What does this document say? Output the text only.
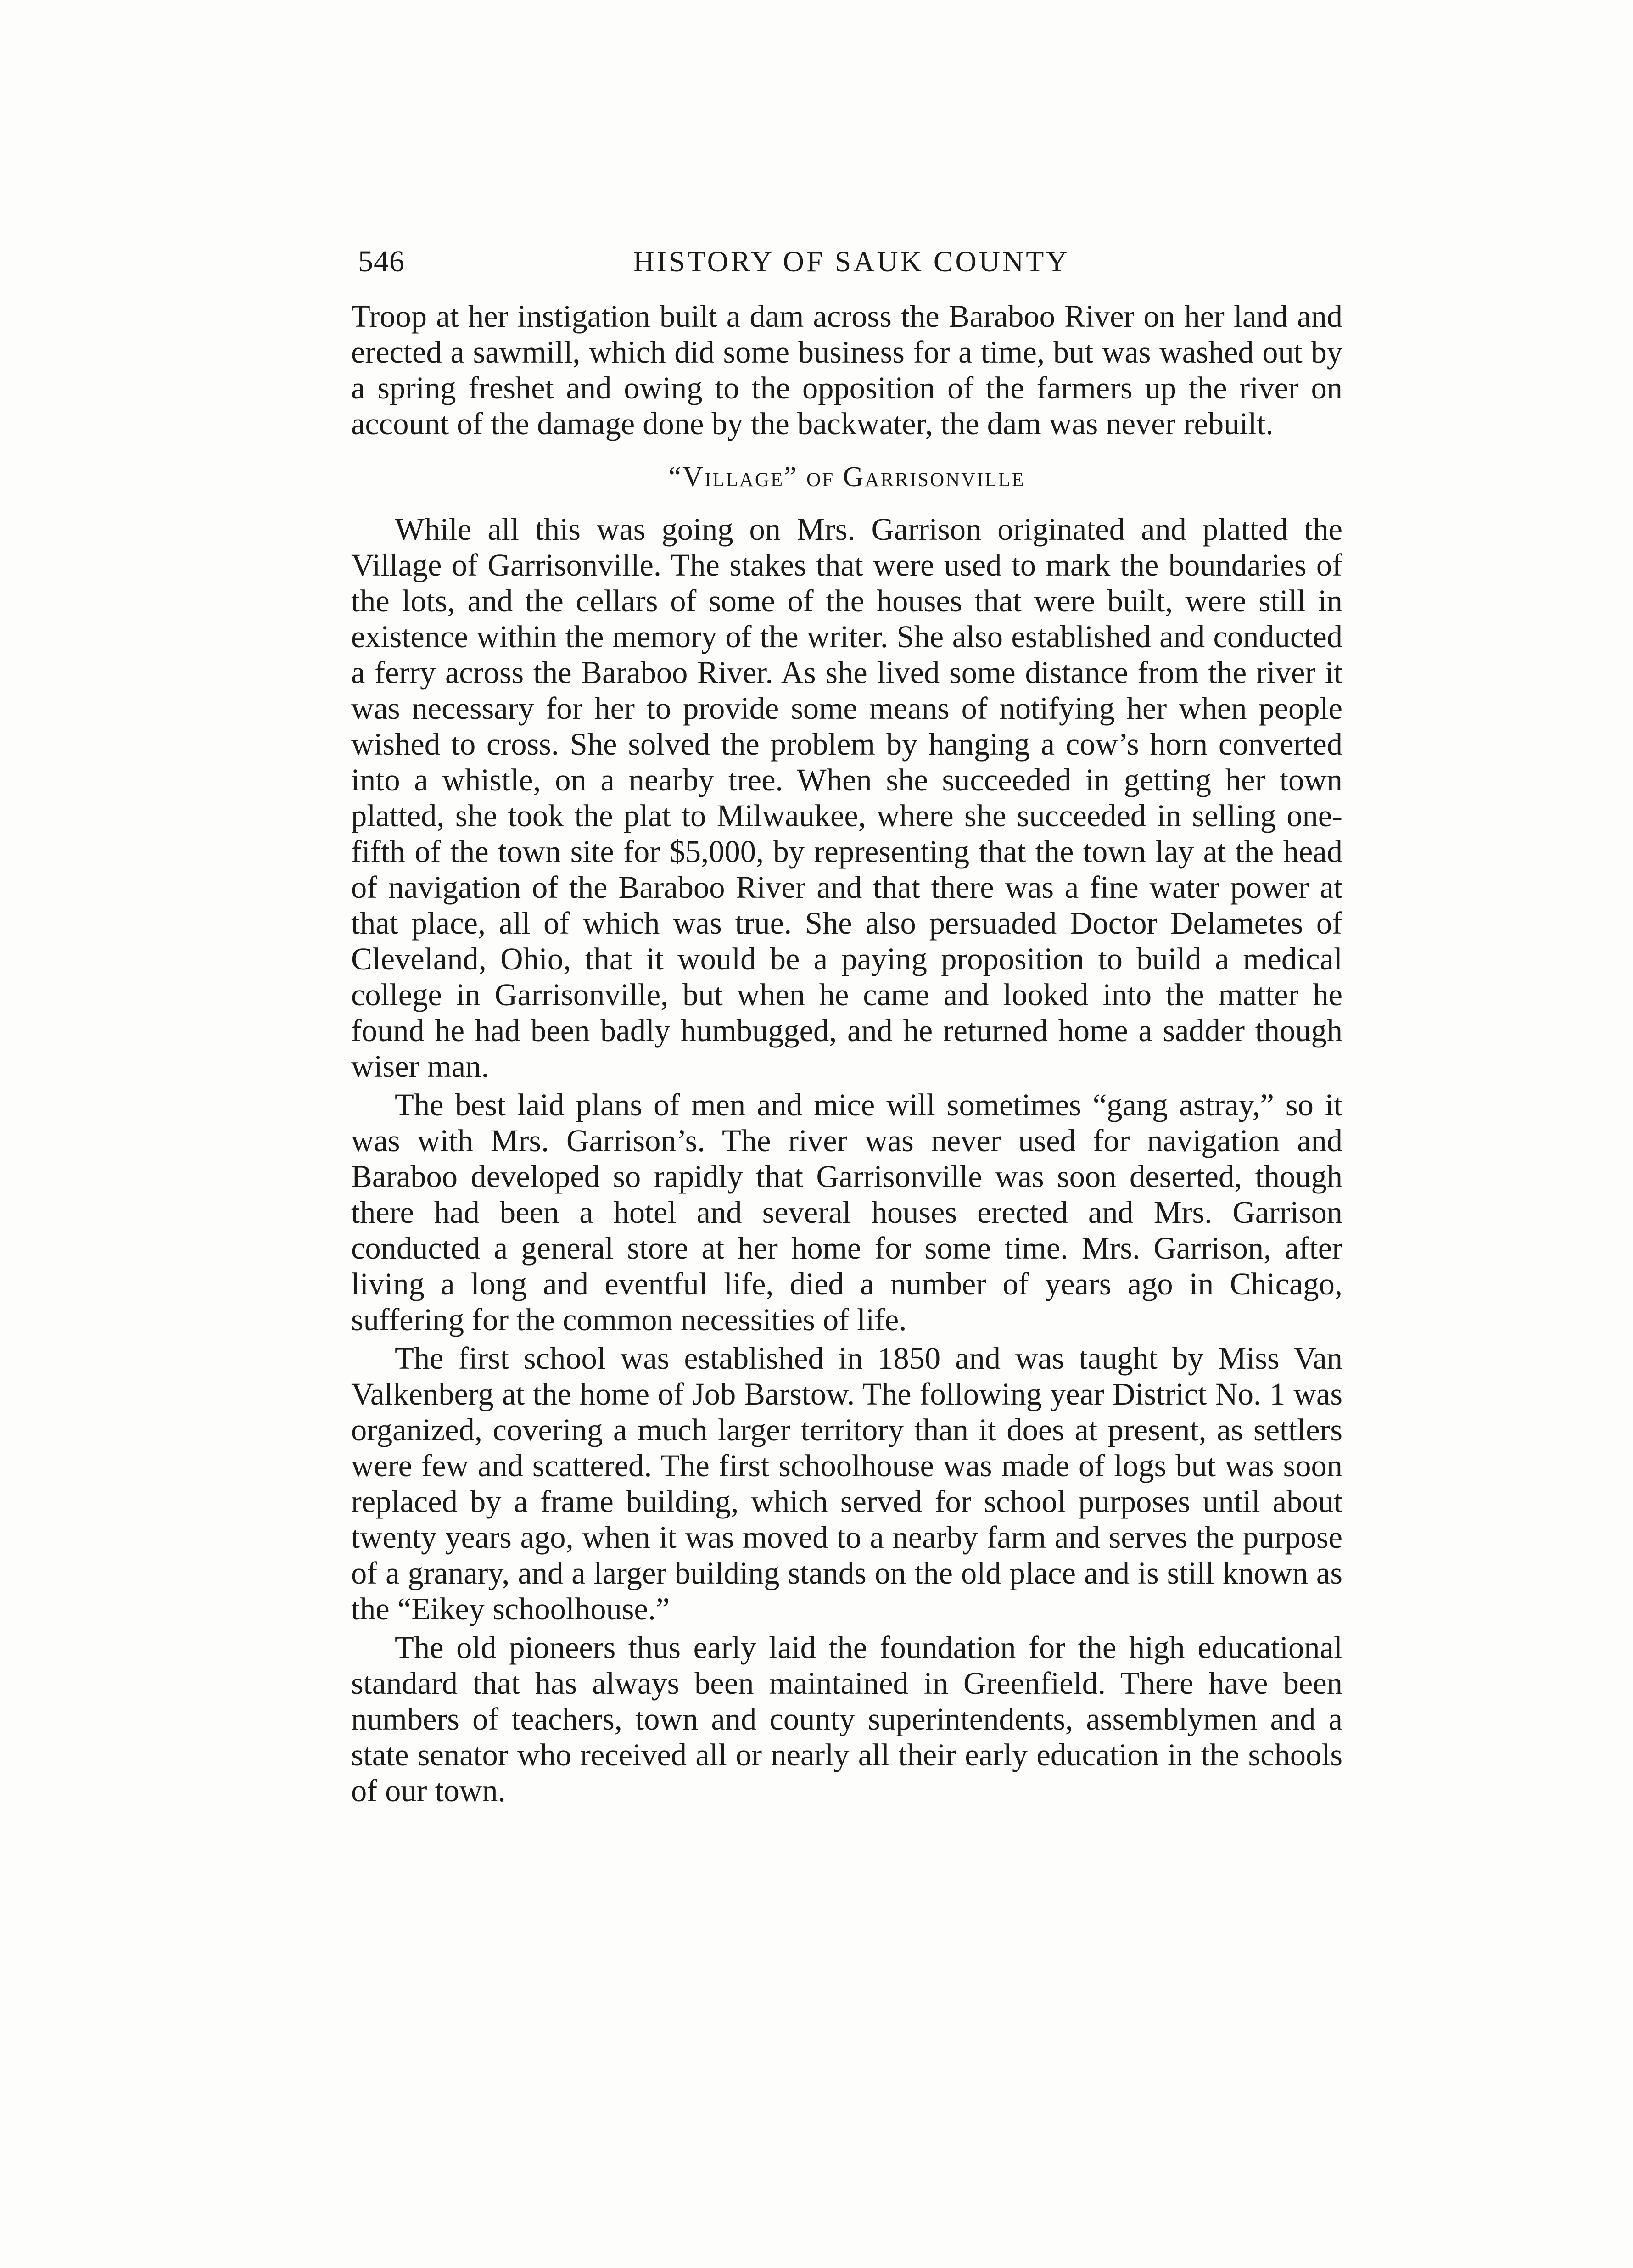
546	HISTORY OF SAUK COUNTY

Troop at her instigation built a dam across the Baraboo River on her land and erected a sawmill, which did some business for a time, but was washed out by a spring freshet and owing to the opposition of the farmers up the river on account of the damage done by the backwater, the dam was never rebuilt.

“Village” of Garrisonville

While all this was going on Mrs. Garrison originated and platted the Village of Garrisonville. The stakes that were used to mark the boundaries of the lots, and the cellars of some of the houses that were built, were still in existence within the memory of the writer. She also established and conducted a ferry across the Baraboo River. As she lived some distance from the river it was necessary for her to provide some means of notifying her when people wished to cross. She solved the problem by hanging a cow’s horn converted into a whistle, on a nearby tree. When she succeeded in getting her town platted, she took the plat to Milwaukee, where she succeeded in selling one-fifth of the town site for $5,000, by representing that the town lay at the head of navigation of the Baraboo River and that there was a fine water power at that place, all of which was true. She also persuaded Doctor Delametes of Cleveland, Ohio, that it would be a paying proposition to build a medical college in Garrisonville, but when he came and looked into the matter he found he had been badly humbugged, and he returned home a sadder though wiser man.

The best laid plans of men and mice will sometimes “gang astray,” so it was with Mrs. Garrison’s. The river was never used for navigation and Baraboo developed so rapidly that Garrisonville was soon deserted, though there had been a hotel and several houses erected and Mrs. Garrison conducted a general store at her home for some time. Mrs. Garrison, after living a long and eventful life, died a number of years ago in Chicago, suffering for the common necessities of life.

The first school was established in 1850 and was taught by Miss Van Valkenberg at the home of Job Barstow. The following year District No. 1 was organized, covering a much larger territory than it does at present, as settlers were few and scattered. The first schoolhouse was made of logs but was soon replaced by a frame building, which served for school purposes until about twenty years ago, when it was moved to a nearby farm and serves the purpose of a granary, and a larger building stands on the old place and is still known as the “Eikey schoolhouse.”

The old pioneers thus early laid the foundation for the high educational standard that has always been maintained in Greenfield. There have been numbers of teachers, town and county superintendents, assemblymen and a state senator who received all or nearly all their early education in the schools of our town.
